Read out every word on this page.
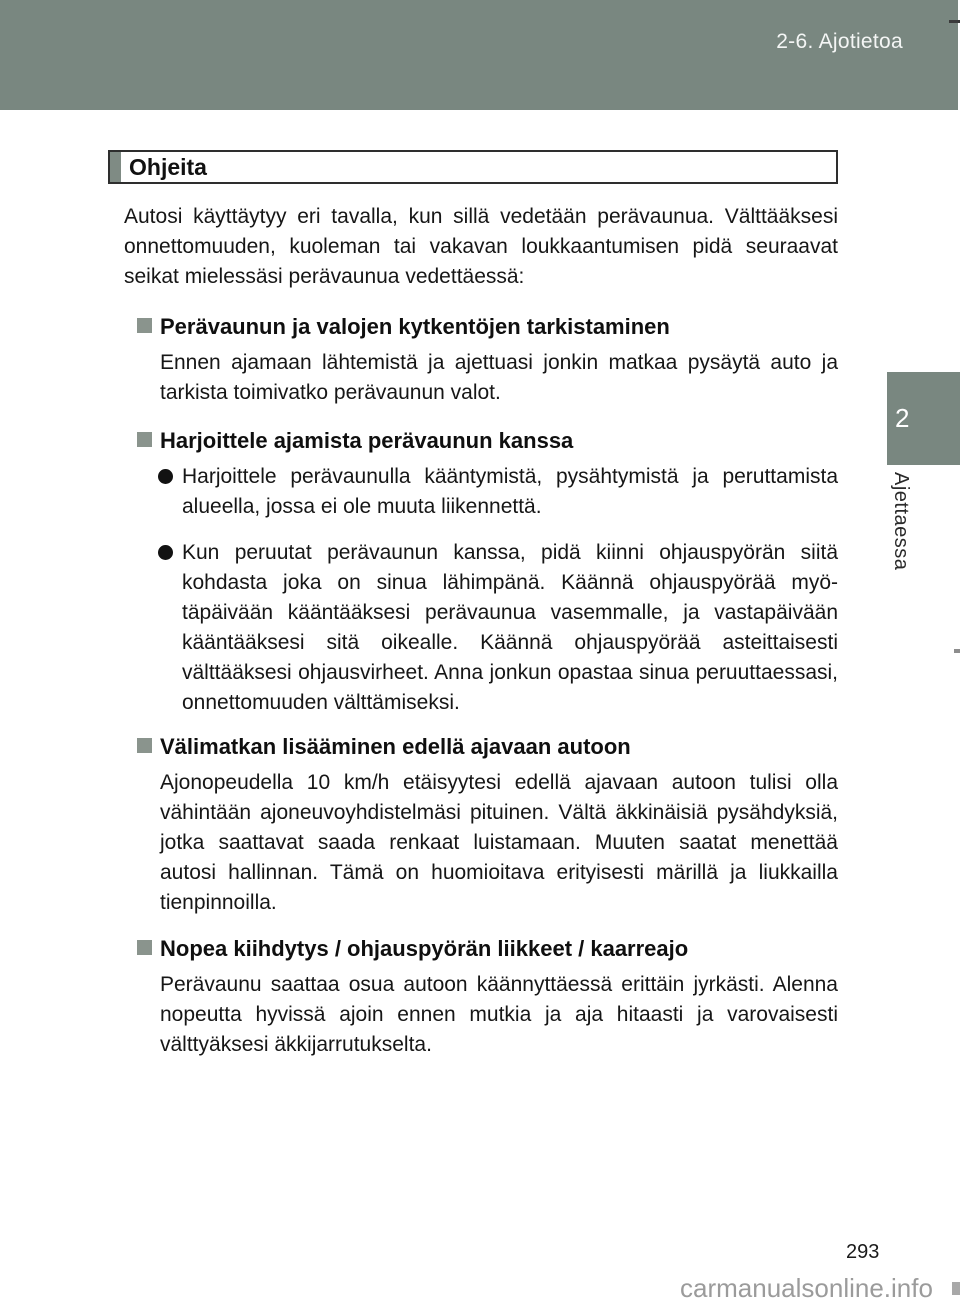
2-6. Ajotietoa
2
Ajettaessa
Ohjeita

Autosi käyttäytyy eri tavalla, kun sillä vedetään perävaunua. Välttääksesi onnettomuuden, kuoleman tai vakavan loukkaantumisen pidä seuraavat seikat mielessäsi perävaunua vedettäessä:

Perävaunun ja valojen kytkentöjen tarkistaminen

Ennen ajamaan lähtemistä ja ajettuasi jonkin matkaa pysäytä auto ja tarkista toimivatko perävaunun valot.

Harjoittele ajamista perävaunun kanssa
Harjoittele perävaunulla kääntymistä, pysähtymistä ja peruttamista alueella, jossa ei ole muuta liikennettä.
Kun peruutat perävaunun kanssa, pidä kiinni ohjauspyörän siitä kohdasta joka on sinua lähimpänä. Käännä ohjauspyörää myötäpäivään kääntääksesi perävaunua vasemmalle, ja vastapäivään kääntääksesi sitä oikealle. Käännä ohjauspyörää asteittaisesti välttääksesi ohjausvirheet. Anna jonkun opastaa sinua peruuttaessasi, onnettomuuden välttämiseksi.
Välimatkan lisääminen edellä ajavaan autoon

Ajonopeudella 10 km/h etäisyytesi edellä ajavaan autoon tulisi olla vähintään ajoneuvoyhdistelmäsi pituinen. Vältä äkkinäisiä pysähdyksiä, jotka saattavat saada renkaat luistamaan. Muuten saatat menettää autosi hallinnan. Tämä on huomioitava erityisesti märillä ja liukkailla tienpinnoilla.

Nopea kiihdytys / ohjauspyörän liikkeet / kaarreajo

Perävaunu saattaa osua autoon käännyttäessä erittäin jyrkästi. Alenna nopeutta hyvissä ajoin ennen mutkia ja aja hitaasti ja varovaisesti välttyäksesi äkkijarrutukselta.

293
carmanualsonline.info
